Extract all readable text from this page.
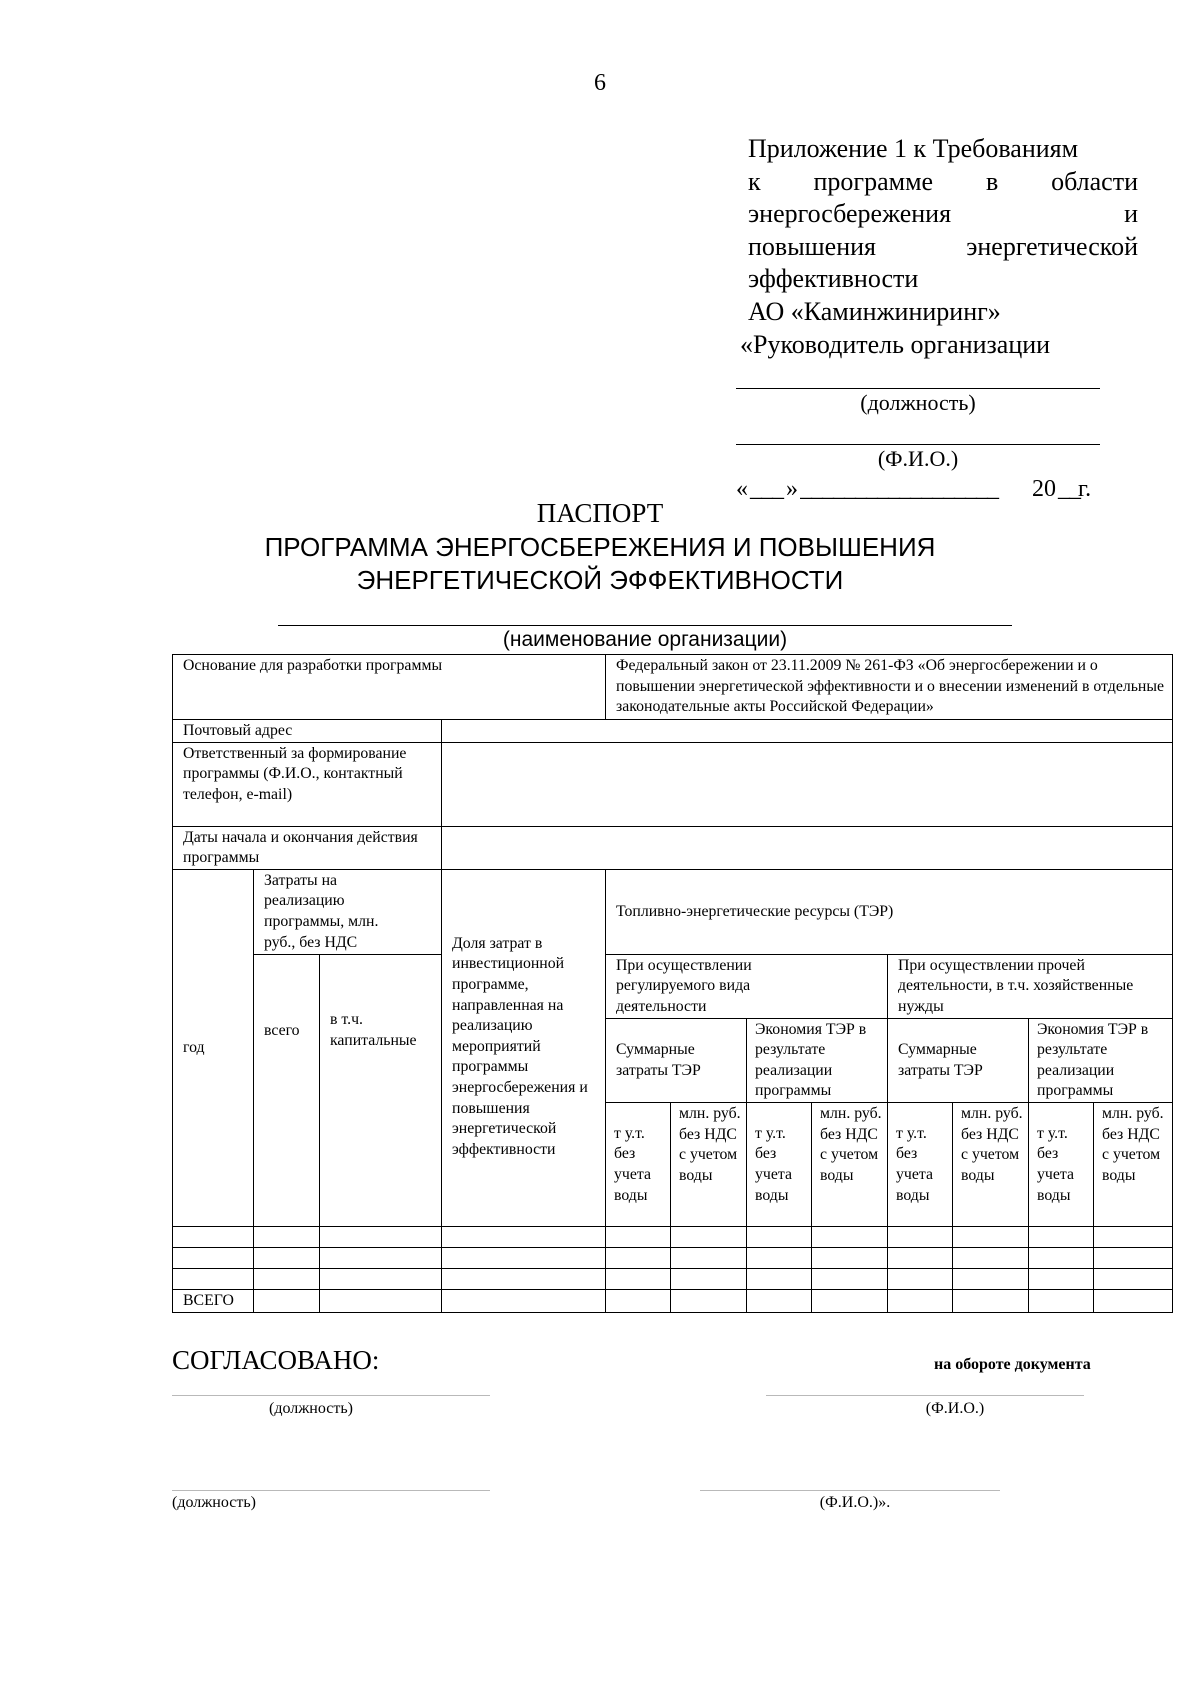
6
Приложение 1 к Требованиям
к программе в области
энергосбережения	и
повышения	энергетической
эффективности
АО «Каминжиниринг»
«Руководитель организации
(должность)
(Ф.И.О.)
« ___ » __________________	20 __
г.
ПАСПОРТ
ПРОГРАММА ЭНЕРГОСБЕРЕЖЕНИЯ И ПОВЫШЕНИЯ
ЭНЕРГЕТИЧЕСКОЙ ЭФФЕКТИВНОСТИ
(наименование организации)
Основание для разработки программы				Федеральный закон от 23.11.2009 № 261-ФЗ «Об энергосбережении и о повышении энергетической эффективности и о внесении изменений в отдельные законодательные акты Российской Федерации»							
Почтовый адрес											
Ответственный за формирование программы (Ф.И.О., контактный телефон, e-mail)											
Даты начала и окончания действия программы											
год	Затраты на реализацию программы, млн. руб., без НДС		Доля затрат в инвестиционной программе, направленная на реализацию мероприятий программы энергосбережения и повышения энергетической эффективности	Топливно-энергетические ресурсы (ТЭР)							
	всего	в т.ч. капитальные		При осуществлении регулируемого вида деятельности				При осуществлении прочей деятельности, в т.ч. хозяйственные нужды			
				Суммарные затраты ТЭР		Экономия ТЭР в результате реализации программы		Суммарные затраты ТЭР		Экономия ТЭР в результате реализации программы	

				т у.т. без учета воды	млн. руб. без НДС с учетом воды	т у.т. без учета воды	млн. руб. без НДС с учетом воды	т у.т. без учета воды	млн. руб. без НДС с учетом воды	т у.т. без учета воды	млн. руб. без НДС с учетом воды

ВСЕГО											
СОГЛАСОВАНО:	на обороте документа
(должность)	(Ф.И.О.)
(должность)	(Ф.И.О.)».
